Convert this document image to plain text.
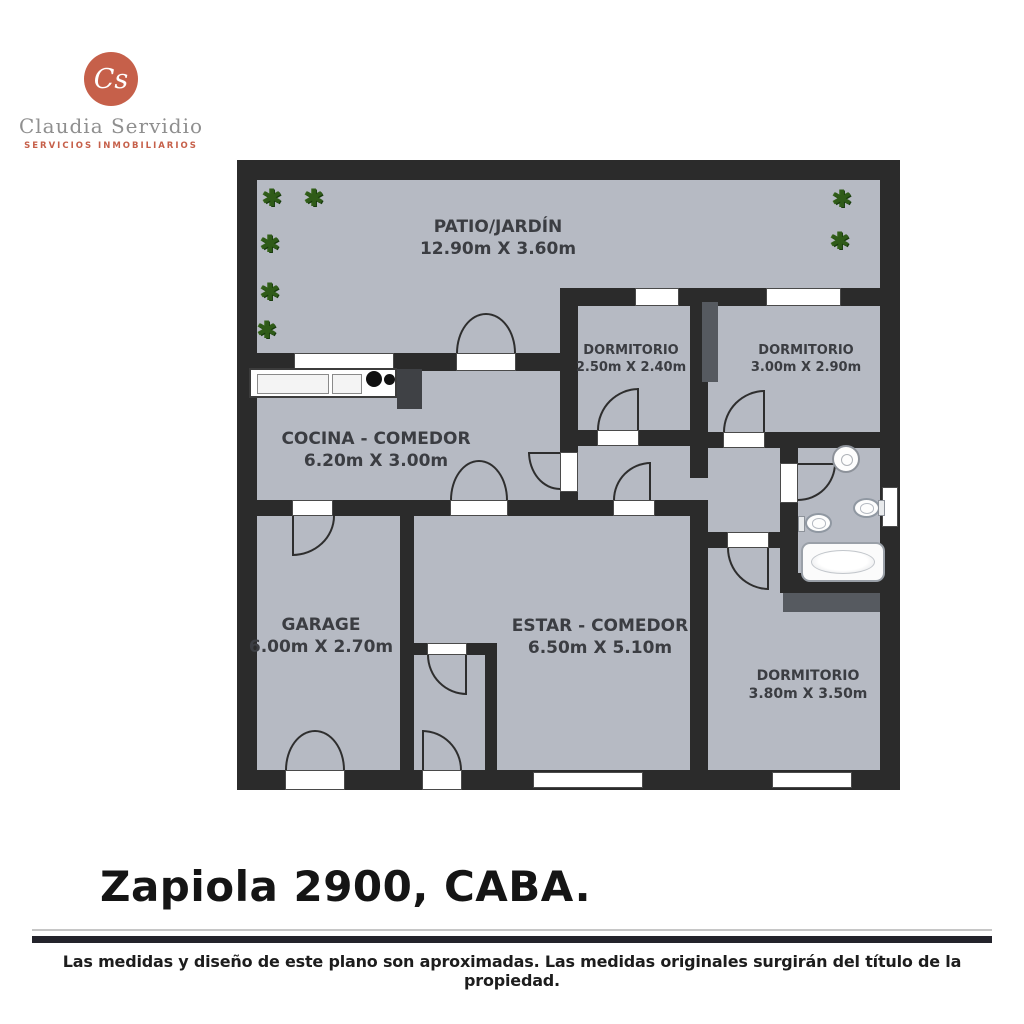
Cs
Claudia Servidio
SERVICIOS INMOBILIARIOS
✱ ✱
✱
✱
✱
✱
✱
PATIO/JARDÍN
12.90m X 3.60m
COCINA - COMEDOR
6.20m X 3.00m
DORMITORIO
2.50m X 2.40m
DORMITORIO
3.00m X 2.90m
GARAGE
6.00m X 2.70m
ESTAR - COMEDOR
6.50m X 5.10m
DORMITORIO
3.80m X 3.50m
Zapiola 2900, CABA.
Las medidas y diseño de este plano son aproximadas. Las medidas originales surgirán del título de la propiedad.
